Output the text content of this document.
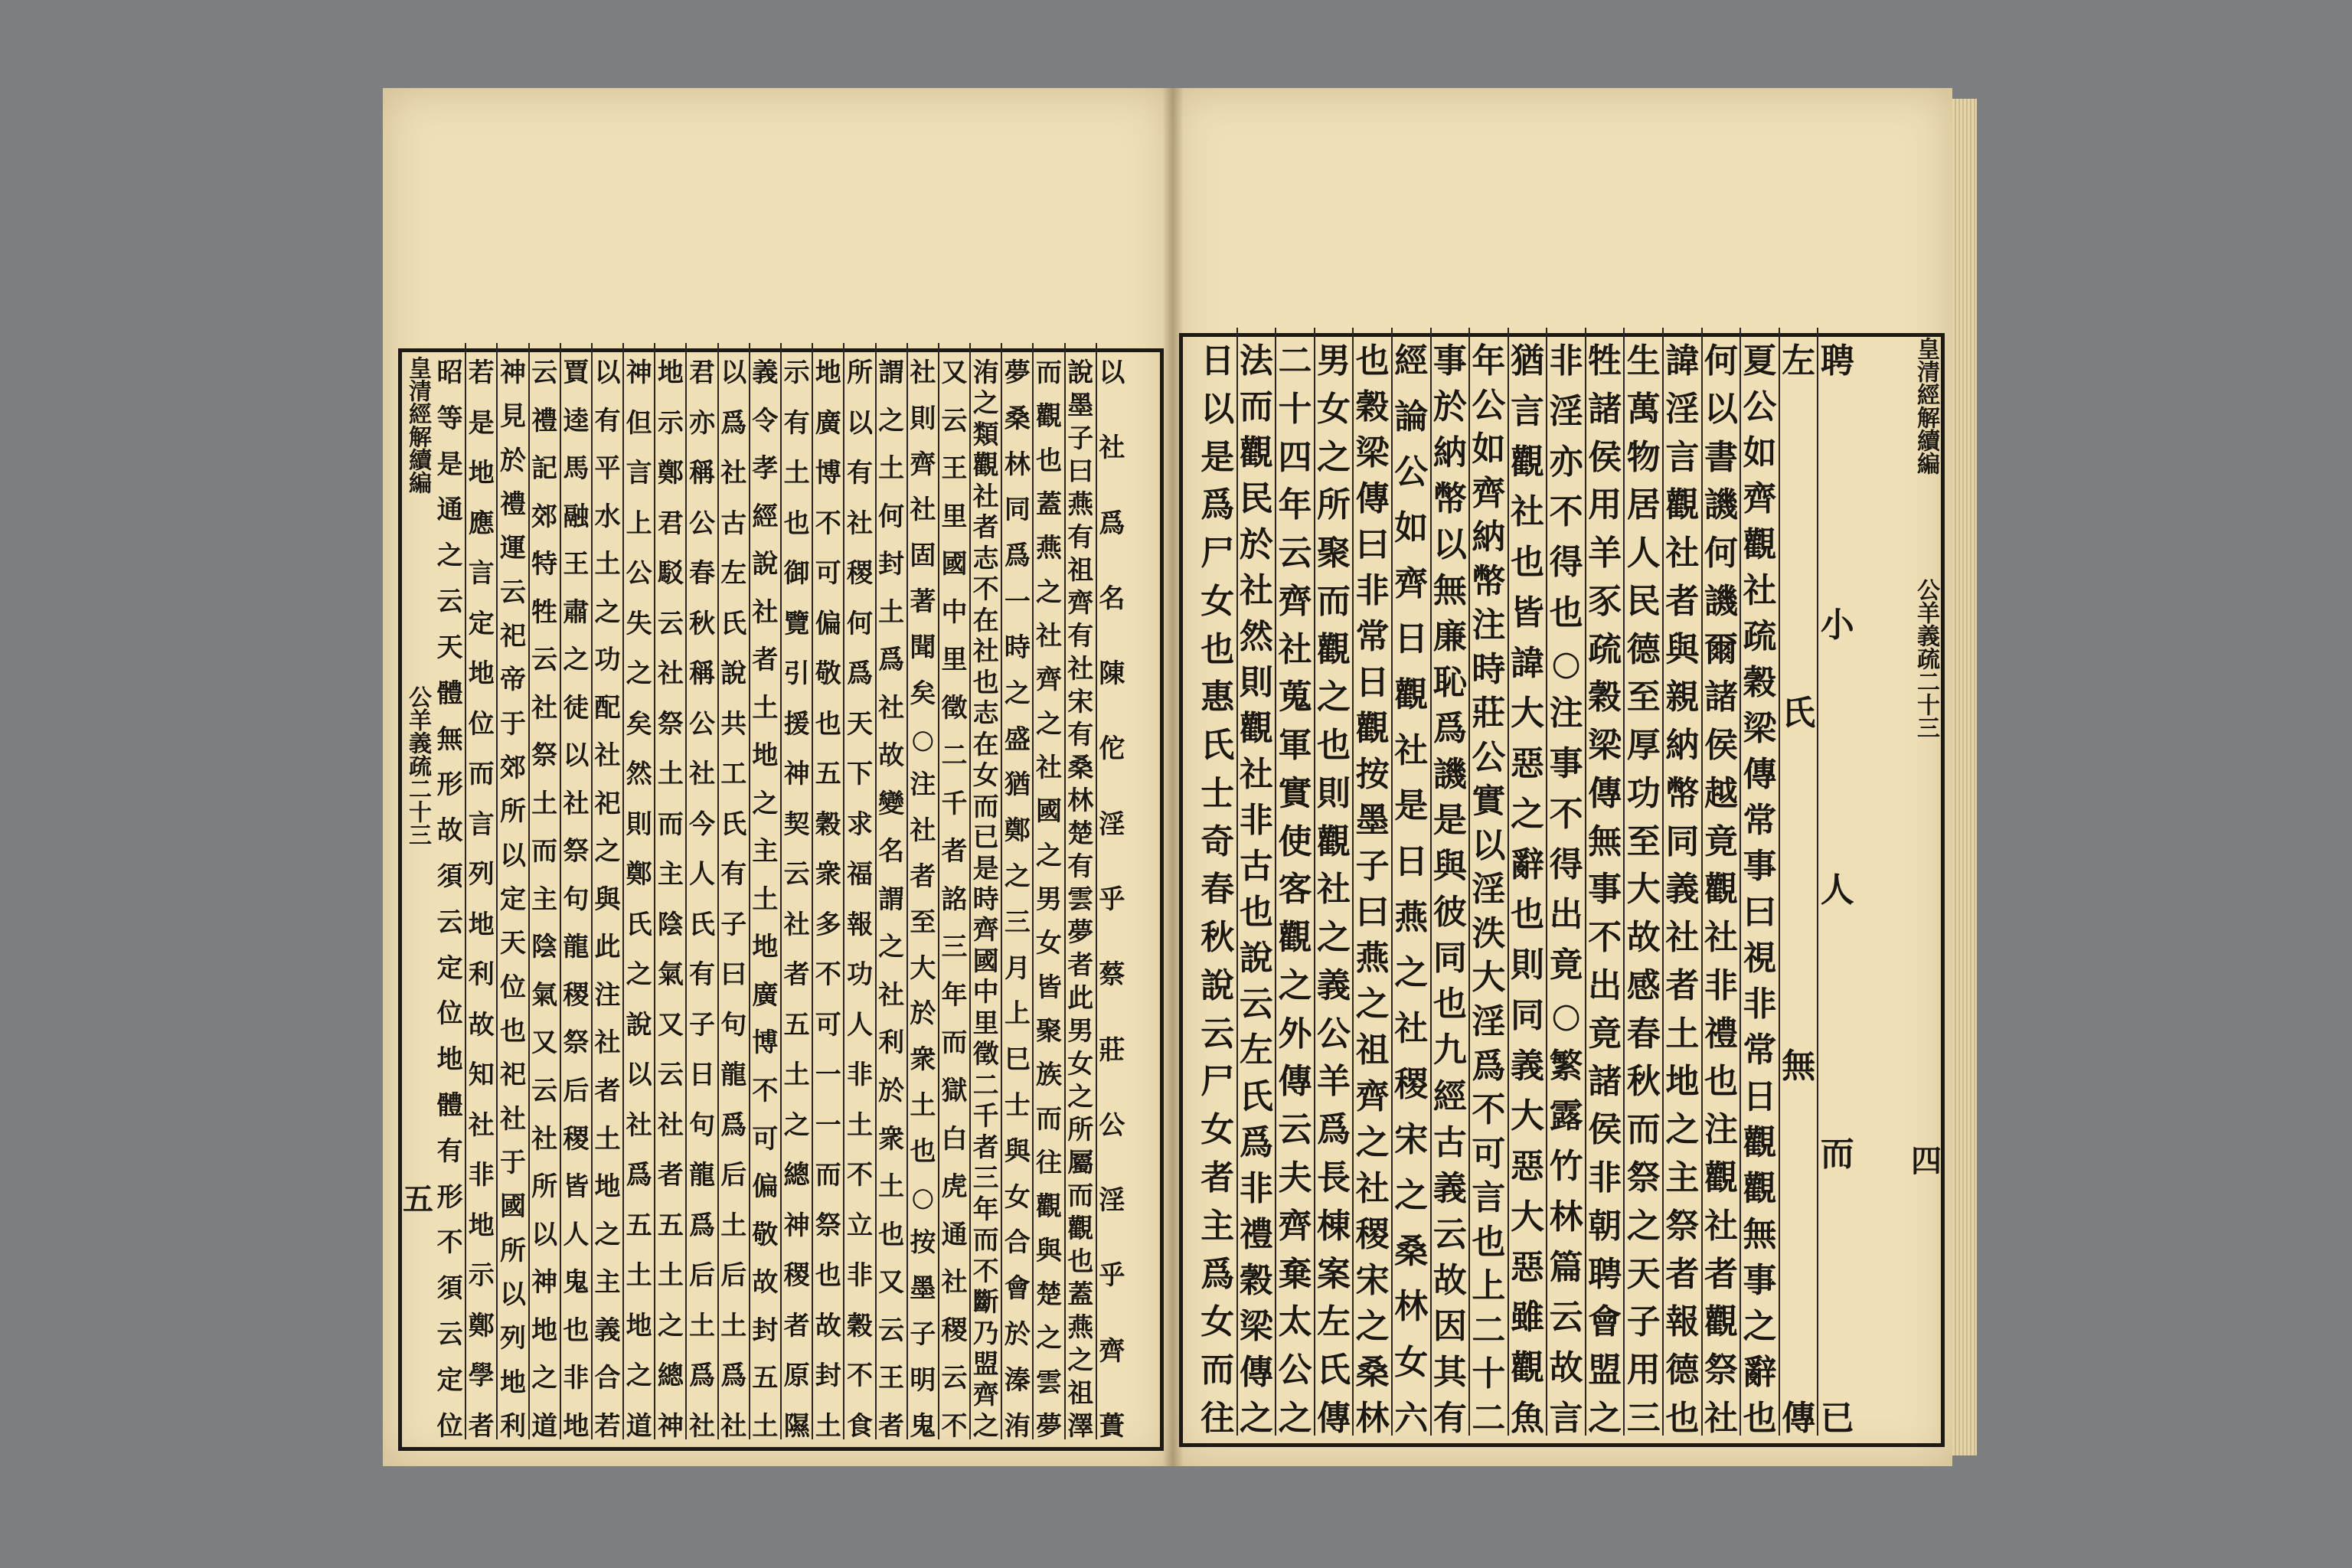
以
社
爲
名
陳
佗
淫
乎
蔡
莊
公
淫
乎
齊
蕢
說
墨
子
曰
燕
有
祖
齊
有
社
宋
有
桑
林
楚
有
雲
夢
者
此
男
女
之
所
屬
而
觀
也
蓋
燕
之
祖
澤
而
觀
也
蓋
燕
之
社
齊
之
社
國
之
男
女
皆
聚
族
而
往
觀
與
楚
之
雲
夢
夢
桑
林
同
爲
一
時
之
盛
猶
鄭
之
三
月
上
巳
士
與
女
合
會
於
溱
洧
洧
之
類
觀
社
者
志
不
在
社
也
志
在
女
而
已
是
時
齊
國
中
里
徵
二
千
者
三
年
而
不
斷
乃
盟
齊
之
又
云
王
里
國
中
里
徵
二
千
者
詺
三
年
而
獄
白
虎
通
社
稷
云
不
社
則
齊
社
固
著
聞
矣
○
注
社
者
至
大
於
衆
土
也
○
按
墨
子
明
鬼
謂
之
土
何
封
土
爲
社
故
變
名
謂
之
社
利
於
衆
土
也
又
云
王
者
所
以
有
社
稷
何
爲
天
下
求
福
報
功
人
非
土
不
立
非
穀
不
食
地
廣
博
不
可
偏
敬
也
五
穀
衆
多
不
可
一
一
而
祭
也
故
封
土
示
有
土
也
御
覽
引
援
神
契
云
社
者
五
土
之
總
神
稷
者
原
隰
義
令
孝
經
說
社
者
土
地
之
主
土
地
廣
博
不
可
偏
敬
故
封
五
土
以
爲
社
古
左
氏
說
共
工
氏
有
子
曰
句
龍
爲
后
土
后
土
爲
社
君
亦
稱
公
春
秋
稱
公
社
今
人
氏
有
子
日
句
龍
爲
后
土
爲
社
地
示
鄭
君
駁
云
社
祭
土
而
主
陰
氣
又
云
社
者
五
土
之
總
神
神
但
言
上
公
失
之
矣
然
則
鄭
氏
之
說
以
社
爲
五
土
地
之
道
以
有
平
水
土
之
功
配
社
祀
之
與
此
注
社
者
土
地
之
主
義
合
若
賈
逵
馬
融
王
肅
之
徒
以
社
祭
句
龍
稷
祭
后
稷
皆
人
鬼
也
非
地
云
禮
記
郊
特
牲
云
社
祭
土
而
主
陰
氣
又
云
社
所
以
神
地
之
道
神
見
於
禮
運
云
祀
帝
于
郊
所
以
定
天
位
也
祀
社
于
國
所
以
列
地
利
若
是
地
應
言
定
地
位
而
言
列
地
利
故
知
社
非
地
示
鄭
學
者
昭
等
是
通
之
云
天
體
無
形
故
須
云
定
位
地
體
有
形
不
須
云
定
位
皇清經解續編
公羊義疏二十三
五
聘
小
人
而
已
左
氏
無
傳
夏
公
如
齊
觀
社
疏
穀
梁
傳
常
事
曰
視
非
常
日
觀
觀
無
事
之
辭
也
何
以
書
譏
何
譏
爾
諸
侯
越
竟
觀
社
非
禮
也
注
觀
社
者
觀
祭
社
諱
淫
言
觀
社
者
與
親
納
幣
同
義
社
者
土
地
之
主
祭
者
報
德
也
生
萬
物
居
人
民
德
至
厚
功
至
大
故
感
春
秋
而
祭
之
天
子
用
三
牲
諸
侯
用
羊
豕
疏
穀
梁
傳
無
事
不
出
竟
諸
侯
非
朝
聘
會
盟
之
非
淫
亦
不
得
也
○
注
事
不
得
出
竟
○
繁
露
竹
林
篇
云
故
言
猶
言
觀
社
也
皆
諱
大
惡
之
辭
也
則
同
義
大
惡
大
惡
雖
觀
魚
年
公
如
齊
納
幣
注
時
莊
公
實
以
淫
泆
大
淫
爲
不
可
言
也
上
二
十
二
事
於
納
幣
以
無
廉
恥
爲
譏
是
與
彼
同
也
九
經
古
義
云
故
因
其
有
經
論
公
如
齊
日
觀
社
是
日
燕
之
社
稷
宋
之
桑
林
女
六
也
穀
梁
傳
曰
非
常
日
觀
按
墨
子
曰
燕
之
祖
齊
之
社
稷
宋
之
桑
林
男
女
之
所
聚
而
觀
之
也
則
觀
社
之
義
公
羊
爲
長
棟
案
左
氏
傳
二
十
四
年
云
齊
社
蒐
軍
實
使
客
觀
之
外
傳
云
夫
齊
棄
太
公
之
法
而
觀
民
於
社
然
則
觀
社
非
古
也
說
云
左
氏
爲
非
禮
穀
梁
傳
之
日
以
是
爲
尸
女
也
惠
氏
士
奇
春
秋
說
云
尸
女
者
主
爲
女
而
往
皇清經解續編
公羊義疏二十三
四
